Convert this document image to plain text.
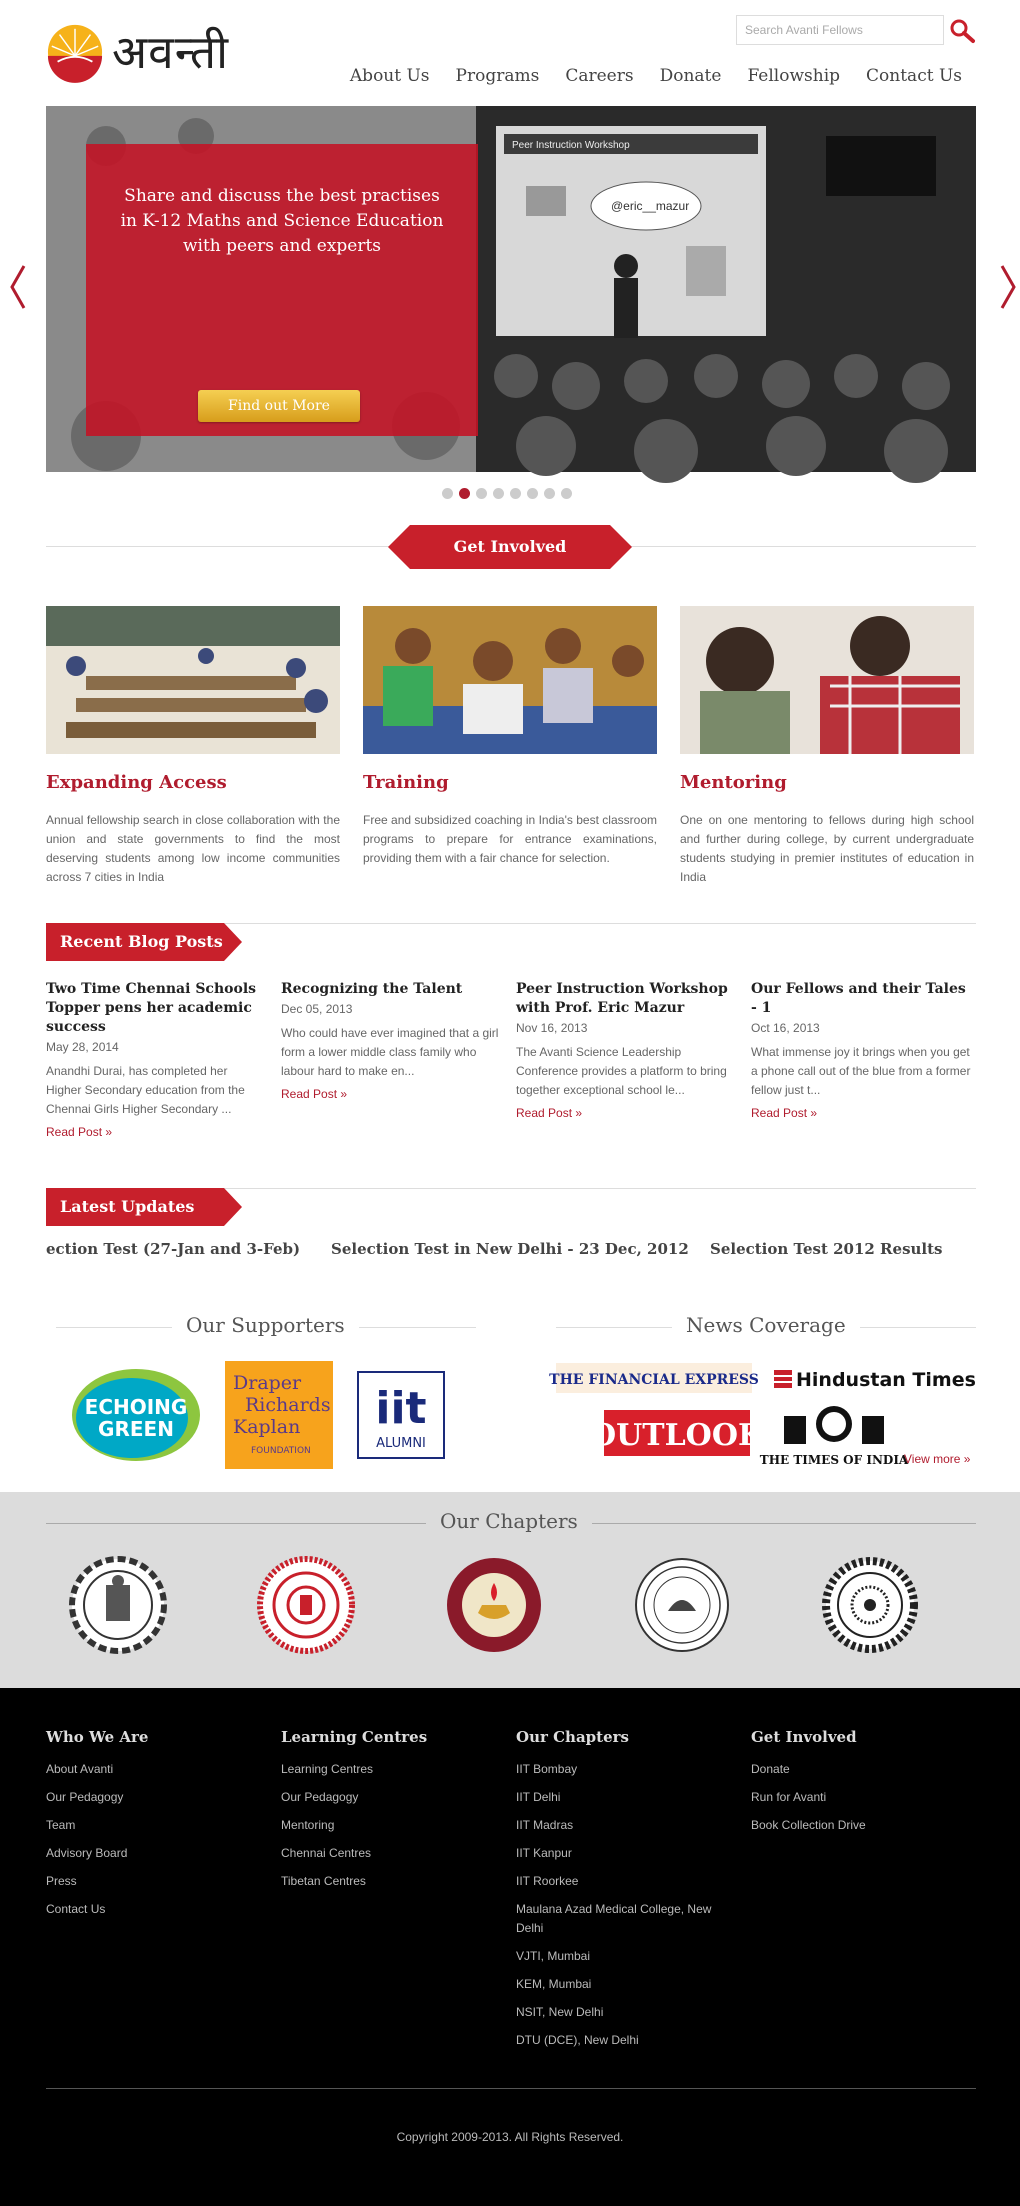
अवन्ती
Search Avanti Fellows	About Us Programs Careers Donate Fellowship Contact Us
Peer Instruction Workshop
@eric__mazur

Share and discuss the best practises in K-12 Maths and Science Education with peers and experts

Find out More
Get Involved
Expanding Access

Annual fellowship search in close collaboration with the union and state governments to find the most deserving students among low income communities across 7 cities in India

Training

Free and subsidized coaching in India's best classroom programs to prepare for entrance examinations, providing them with a fair chance for selection.

Mentoring

One on one mentoring to fellows during high school and further during college, by current undergraduate students studying in premier institutes of education in India

Recent Blog Posts
Two Time Chennai Schools Topper pens her academic success
May 28, 2014

Anandhi Durai, has completed her Higher Secondary education from the Chennai Girls Higher Secondary ...

Read Post »
Recognizing the Talent
Dec 05, 2013

Who could have ever imagined that a girl form a lower middle class family who labour hard to make en...

Read Post »
Peer Instruction Workshop with Prof. Eric Mazur
Nov 16, 2013

The Avanti Science Leadership Conference provides a platform to bring together exceptional school le...

Read Post »
Our Fellows and their Tales - 1
Oct 16, 2013

What immense joy it brings when you get a phone call out of the blue from a former fellow just t...

Read Post »
Latest Updates
ection Test (27-Jan and 3-Feb) Selection Test in New Delhi - 23 Dec, 2012 Selection Test 2012 Results
Our Supporters	News Coverage
ECHOING
GREEN
Draper
Richards
Kaplan
FOUNDATION
iit
ALUMNI
THE FINANCIAL EXPRESS Hindustan Times
OUTLOOK
THE TIMES OF INDIA
View more »
Our Chapters
Who We Are
About Avanti
Our Pedagogy
Team
Advisory Board
Press
Contact Us
Learning Centres
Learning Centres
Our Pedagogy
Mentoring
Chennai Centres
Tibetan Centres
Our Chapters
IIT Bombay
IIT Delhi
IIT Madras
IIT Kanpur
IIT Roorkee
Maulana Azad Medical College, New Delhi
VJTI, Mumbai
KEM, Mumbai
NSIT, New Delhi
DTU (DCE), New Delhi
Get Involved
Donate
Run for Avanti
Book Collection Drive
Copyright 2009-2013. All Rights Reserved.
